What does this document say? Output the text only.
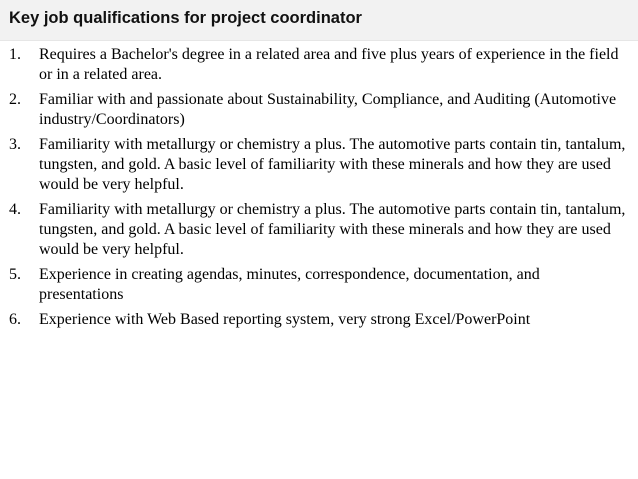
Key job qualifications for project coordinator
1. Requires a Bachelor's degree in a related area and five plus years of experience in the field or in a related area.
2. Familiar with and passionate about Sustainability, Compliance, and Auditing (Automotive industry/Coordinators)
3. Familiarity with metallurgy or chemistry a plus. The automotive parts contain tin, tantalum, tungsten, and gold. A basic level of familiarity with these minerals and how they are used would be very helpful.
4. Familiarity with metallurgy or chemistry a plus. The automotive parts contain tin, tantalum, tungsten, and gold. A basic level of familiarity with these minerals and how they are used would be very helpful.
5. Experience in creating agendas, minutes, correspondence, documentation, and presentations
6. Experience with Web Based reporting system, very strong Excel/PowerPoint
